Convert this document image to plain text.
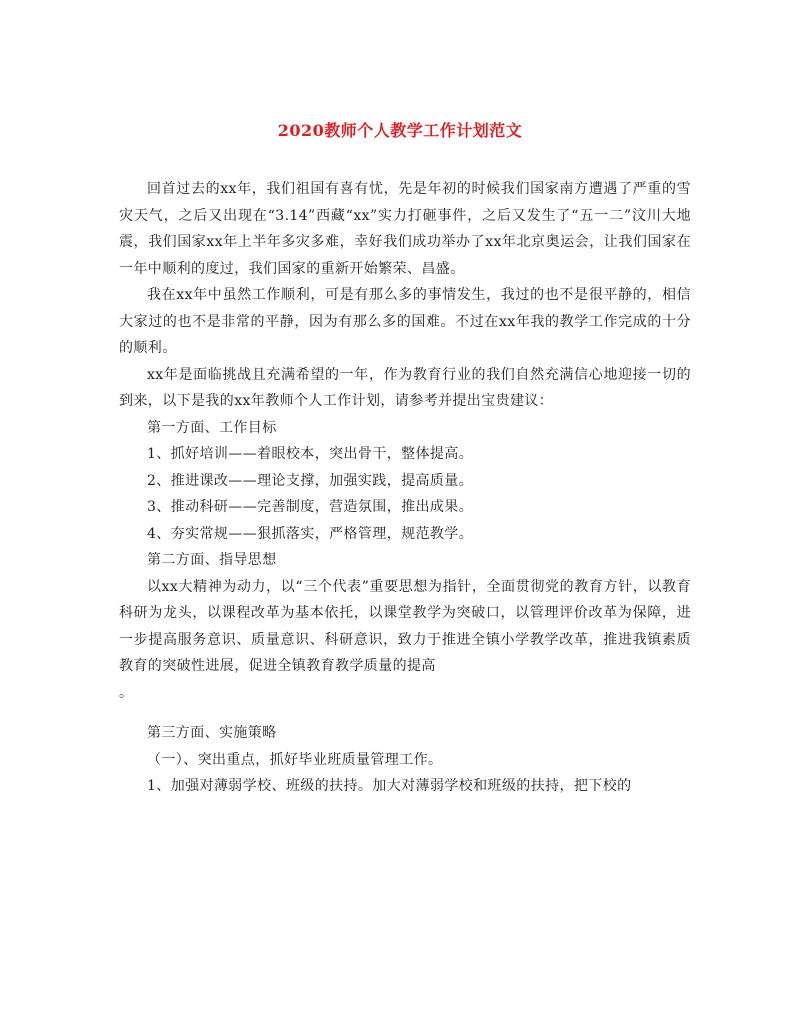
2020教师个人教学工作计划范文

回首过去的xx年，我们祖国有喜有忧，先是年初的时候我们国家南方遭遇了严重的雪灾天气，之后又出现在“3.14”西藏“xx”实力打砸事件，之后又发生了“五一二”汶川大地震，我们国家xx年上半年多灾多难，幸好我们成功举办了xx年北京奥运会，让我们国家在一年中顺利的度过，我们国家的重新开始繁荣、昌盛。

我在xx年中虽然工作顺利，可是有那么多的事情发生，我过的也不是很平静的，相信大家过的也不是非常的平静，因为有那么多的国难。不过在xx年我的教学工作完成的十分的顺利。

xx年是面临挑战且充满希望的一年，作为教育行业的我们自然充满信心地迎接一切的到来，以下是我的xx年教师个人工作计划，请参考并提出宝贵建议：

第一方面、工作目标

1、抓好培训——着眼校本，突出骨干，整体提高。

2、推进课改——理论支撑，加强实践，提高质量。

3、推动科研——完善制度，营造氛围，推出成果。

4、夯实常规——狠抓落实，严格管理，规范教学。

第二方面、指导思想

以xx大精神为动力，以“三个代表”重要思想为指针，全面贯彻党的教育方针，以教育科研为龙头，以课程改革为基本依托，以课堂教学为突破口，以管理评价改革为保障，进一步提高服务意识、质量意识、科研意识，致力于推进全镇小学教学改革，推进我镇素质教育的突破性进展，促进全镇教育教学质量的提高

。

第三方面、实施策略

（一）、突出重点，抓好毕业班质量管理工作。

1、加强对薄弱学校、班级的扶持。加大对薄弱学校和班级的扶持，把下校的
